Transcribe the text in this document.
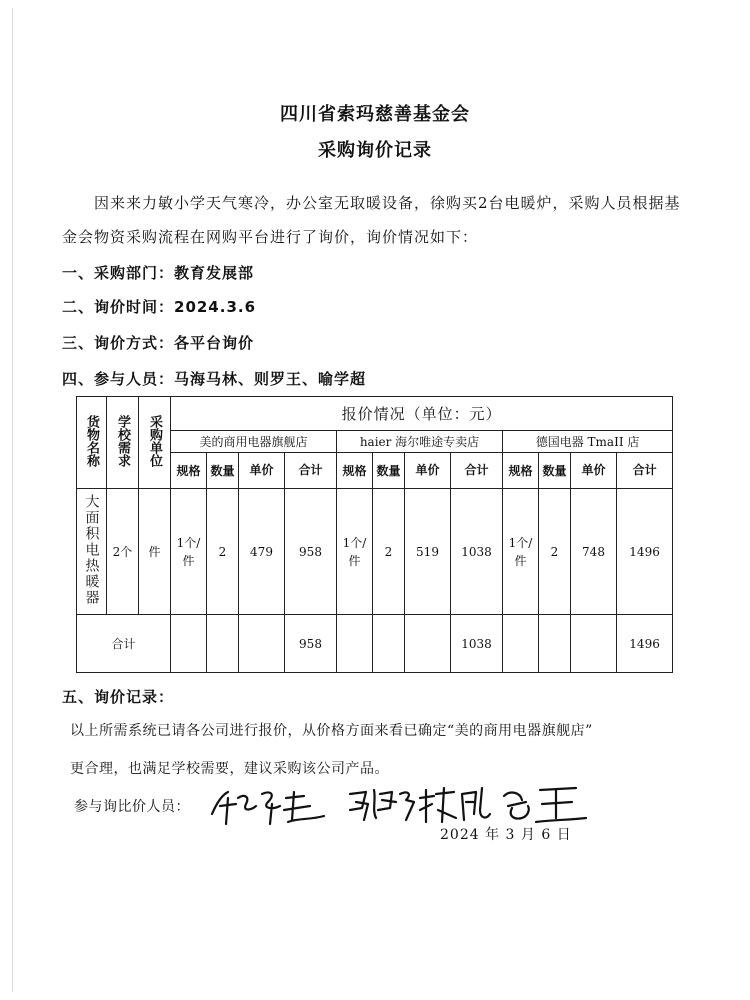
四川省索玛慈善基金会
采购询价记录

因来来力敏小学天气寒冷，办公室无取暖设备，徐购买2台电暖炉，采购人员根据基金会物资采购流程在网购平台进行了询价，询价情况如下：

一、采购部门：教育发展部
二、询价时间：2024.3.6
三、询价方式：各平台询价
四、参与人员：马海马林、则罗王、喻学超
货物名称	学校需求	采购单位	报价情况（单位：元）											
			美的商用电器旗舰店				haier 海尔唯途专卖店				德国电器 TmaII 店			
			规格	数量	单价	合计	规格	数量	单价	合计	规格	数量	单价	合计
大面积电热暖器	2个	件	1个/件	2	479	958	1个/件	2	519	1038	1个/件	2	748	1496
合计						958				1038				1496
五、询价记录：
以上所需系统已请各公司进行报价，从价格方面来看已确定“美的商用电器旗舰店”
更合理，也满足学校需要，建议采购该公司产品。
参与询比价人员：
2024 年 3 月 6 日
